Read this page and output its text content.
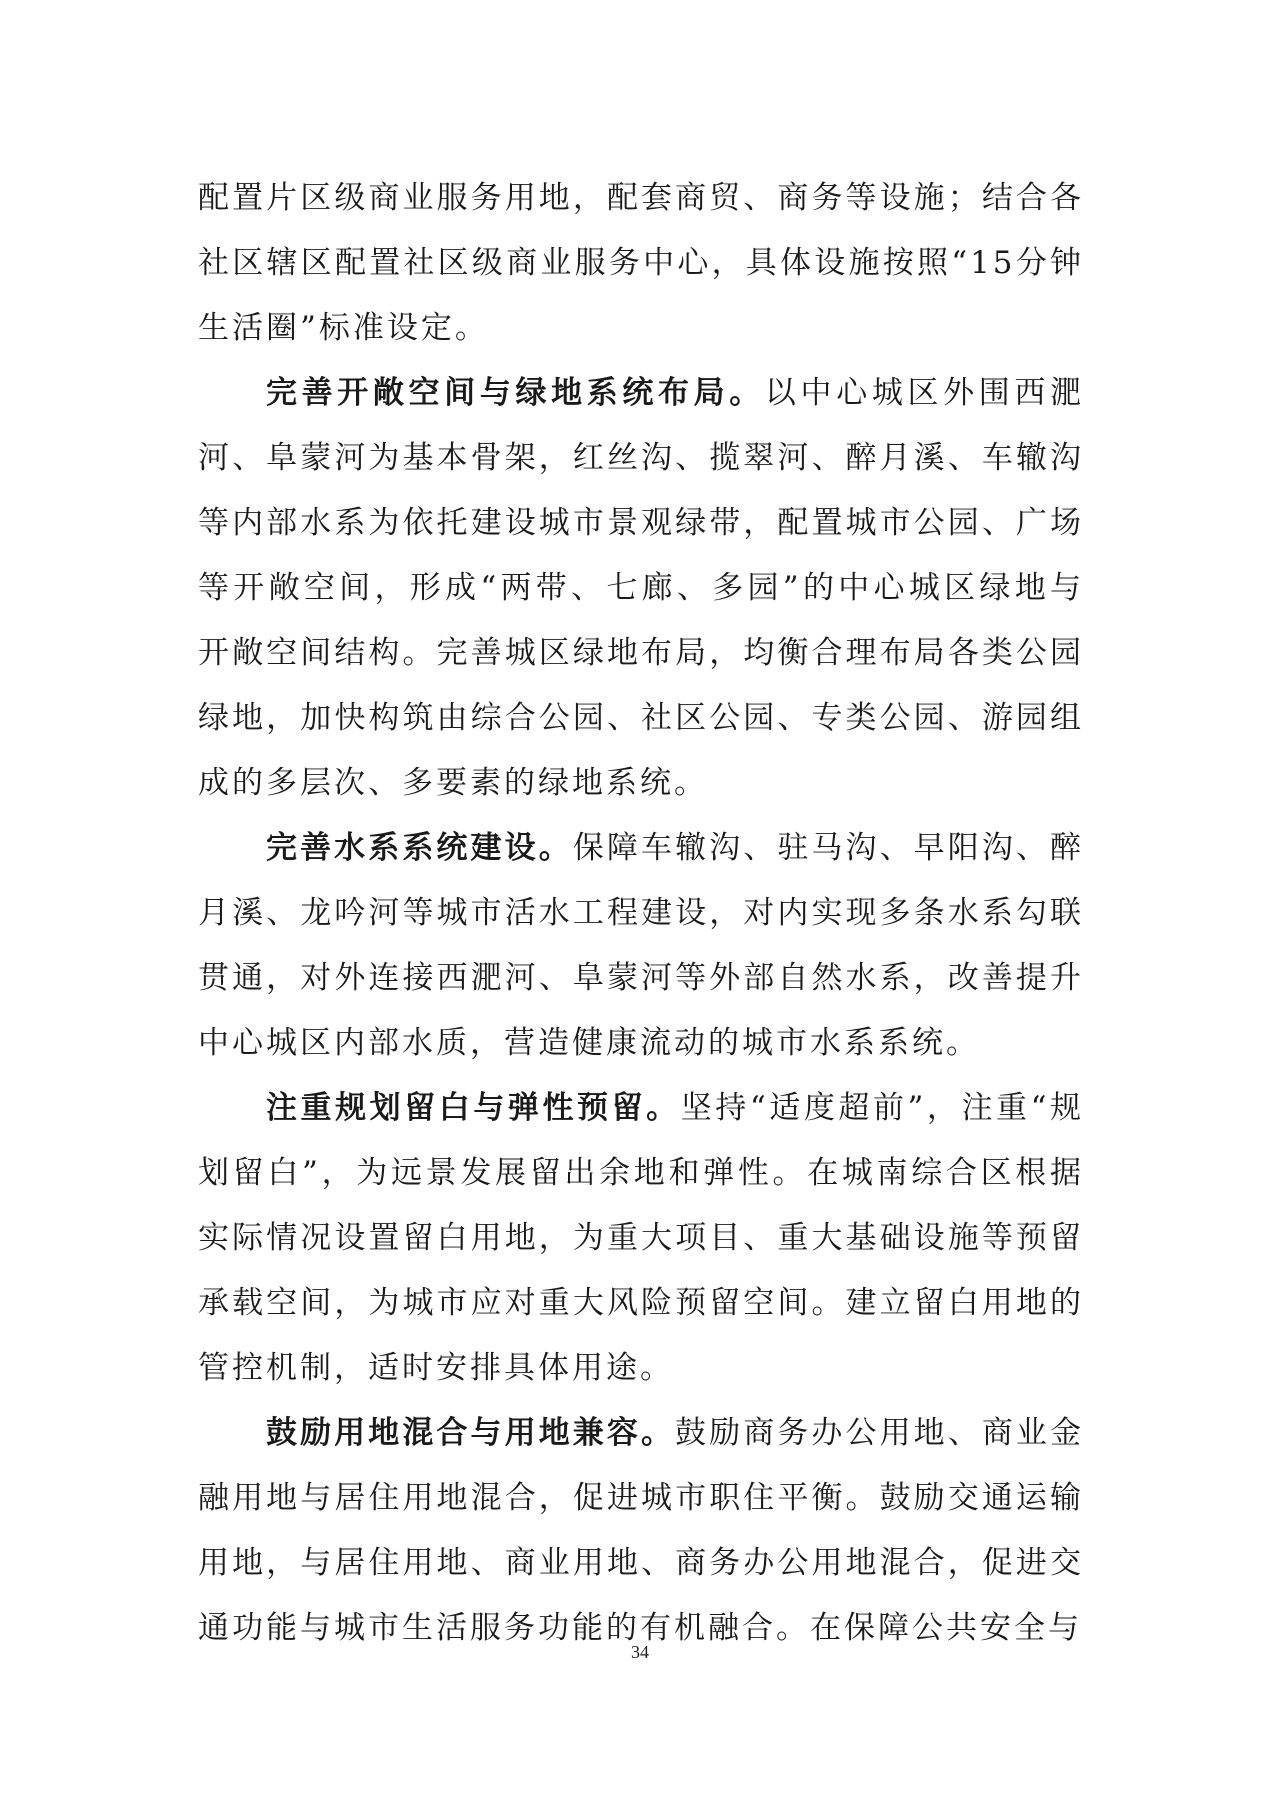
配置片区级商业服务用地，配套商贸、商务等设施；结合各社区辖区配置社区级商业服务中心，具体设施按照“15分钟生活圈”标准设定。

完善开敞空间与绿地系统布局。以中心城区外围西淝河、阜蒙河为基本骨架，红丝沟、揽翠河、醉月溪、车辙沟等内部水系为依托建设城市景观绿带，配置城市公园、广场等开敞空间，形成“两带、七廊、多园”的中心城区绿地与开敞空间结构。完善城区绿地布局，均衡合理布局各类公园绿地，加快构筑由综合公园、社区公园、专类公园、游园组成的多层次、多要素的绿地系统。

完善水系系统建设。保障车辙沟、驻马沟、早阳沟、醉月溪、龙吟河等城市活水工程建设，对内实现多条水系勾联贯通，对外连接西淝河、阜蒙河等外部自然水系，改善提升中心城区内部水质，营造健康流动的城市水系系统。

注重规划留白与弹性预留。坚持“适度超前”，注重“规划留白”，为远景发展留出余地和弹性。在城南综合区根据实际情况设置留白用地，为重大项目、重大基础设施等预留承载空间，为城市应对重大风险预留空间。建立留白用地的管控机制，适时安排具体用途。

鼓励用地混合与用地兼容。鼓励商务办公用地、商业金融用地与居住用地混合，促进城市职住平衡。鼓励交通运输用地，与居住用地、商业用地、商务办公用地混合，促进交通功能与城市生活服务功能的有机融合。在保障公共安全与

34
